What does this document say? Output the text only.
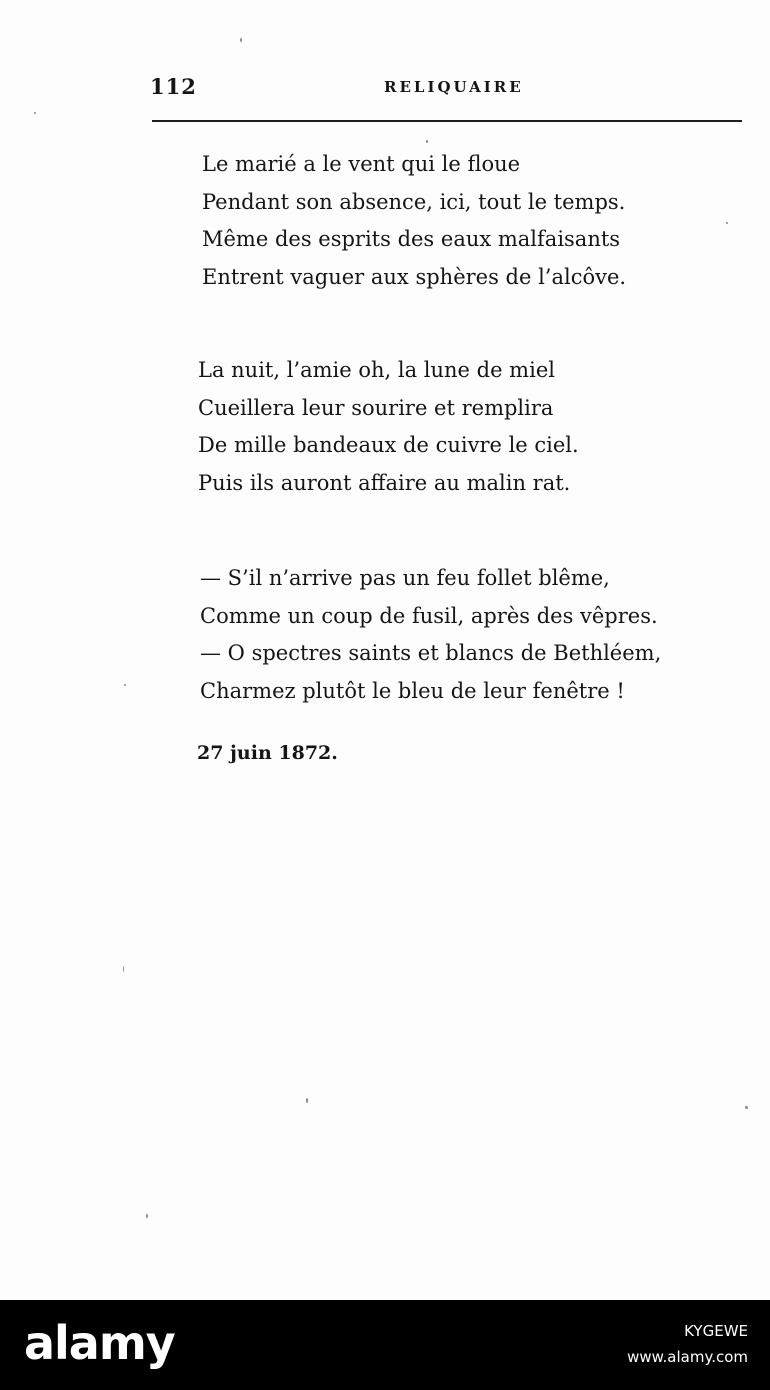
112	RELIQUAIRE
Le marié a le vent qui le floue
Pendant son absence, ici, tout le temps.
Même des esprits des eaux malfaisants
Entrent vaguer aux sphères de l’alcôve.
La nuit, l’amie oh, la lune de miel
Cueillera leur sourire et remplira
De mille bandeaux de cuivre le ciel.
Puis ils auront affaire au malin rat.
— S’il n’arrive pas un feu follet blême,
Comme un coup de fusil, après des vêpres.
— O spectres saints et blancs de Bethléem,
Charmez plutôt le bleu de leur fenêtre !
27 juin 1872.
alamy	KYGEWE
www.alamy.com
